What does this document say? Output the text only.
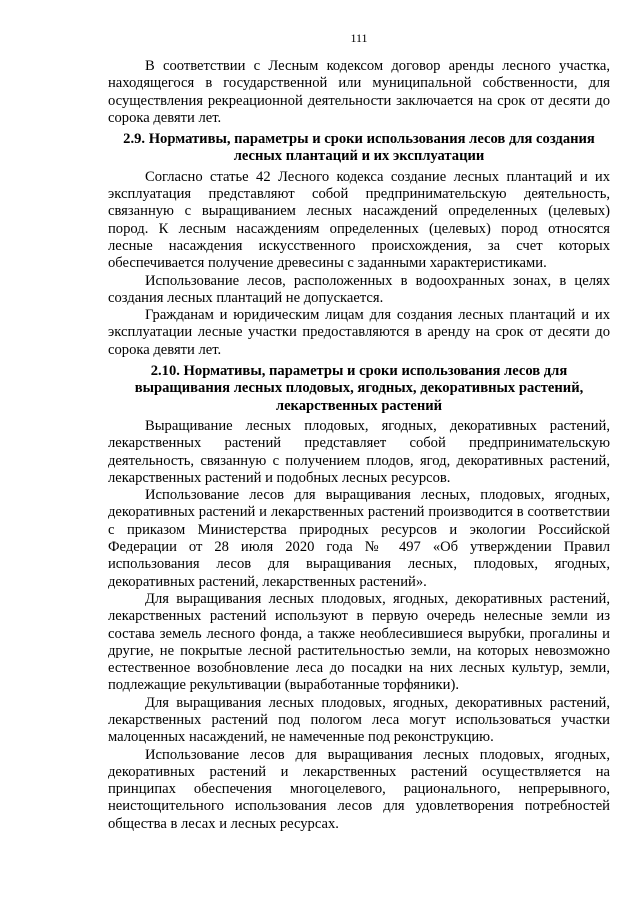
111

В соответствии с Лесным кодексом договор аренды лесного участка, находящегося в государственной или муниципальной собственности, для осуществления рекреационной деятельности заключается на срок от десяти до сорока девяти лет.

2.9. Нормативы, параметры и сроки использования лесов для создания лесных плантаций и их эксплуатации

Согласно статье 42 Лесного кодекса создание лесных плантаций и их эксплуатация представляют собой предпринимательскую деятельность, связанную с выращиванием лесных насаждений определенных (целевых) пород. К лесным насаждениям определенных (целевых) пород относятся лесные насаждения искусственного происхождения, за счет которых обеспечивается получение древесины с заданными характеристиками.

Использование лесов, расположенных в водоохранных зонах, в целях создания лесных плантаций не допускается.

Гражданам и юридическим лицам для создания лесных плантаций и их эксплуатации лесные участки предоставляются в аренду на срок от десяти до сорока девяти лет.

2.10. Нормативы, параметры и сроки использования лесов для выращивания лесных плодовых, ягодных, декоративных растений, лекарственных растений

Выращивание лесных плодовых, ягодных, декоративных растений, лекарственных растений представляет собой предпринимательскую деятельность, связанную с получением плодов, ягод, декоративных растений, лекарственных растений и подобных лесных ресурсов.

Использование лесов для выращивания лесных, плодовых, ягодных, декоративных растений и лекарственных растений производится в соответствии с приказом Министерства природных ресурсов и экологии Российской Федерации от 28 июля 2020 года № 497 «Об утверждении Правил использования лесов для выращивания лесных, плодовых, ягодных, декоративных растений, лекарственных растений».

Для выращивания лесных плодовых, ягодных, декоративных растений, лекарственных растений используют в первую очередь нелесные земли из состава земель лесного фонда, а также необлесившиеся вырубки, прогалины и другие, не покрытые лесной растительностью земли, на которых невозможно естественное возобновление леса до посадки на них лесных культур, земли, подлежащие рекультивации (выработанные торфяники).

Для выращивания лесных плодовых, ягодных, декоративных растений, лекарственных растений под пологом леса могут использоваться участки малоценных насаждений, не намеченные под реконструкцию.

Использование лесов для выращивания лесных плодовых, ягодных, декоративных растений и лекарственных растений осуществляется на принципах обеспечения многоцелевого, рационального, непрерывного, неистощительного использования лесов для удовлетворения потребностей общества в лесах и лесных ресурсах.
